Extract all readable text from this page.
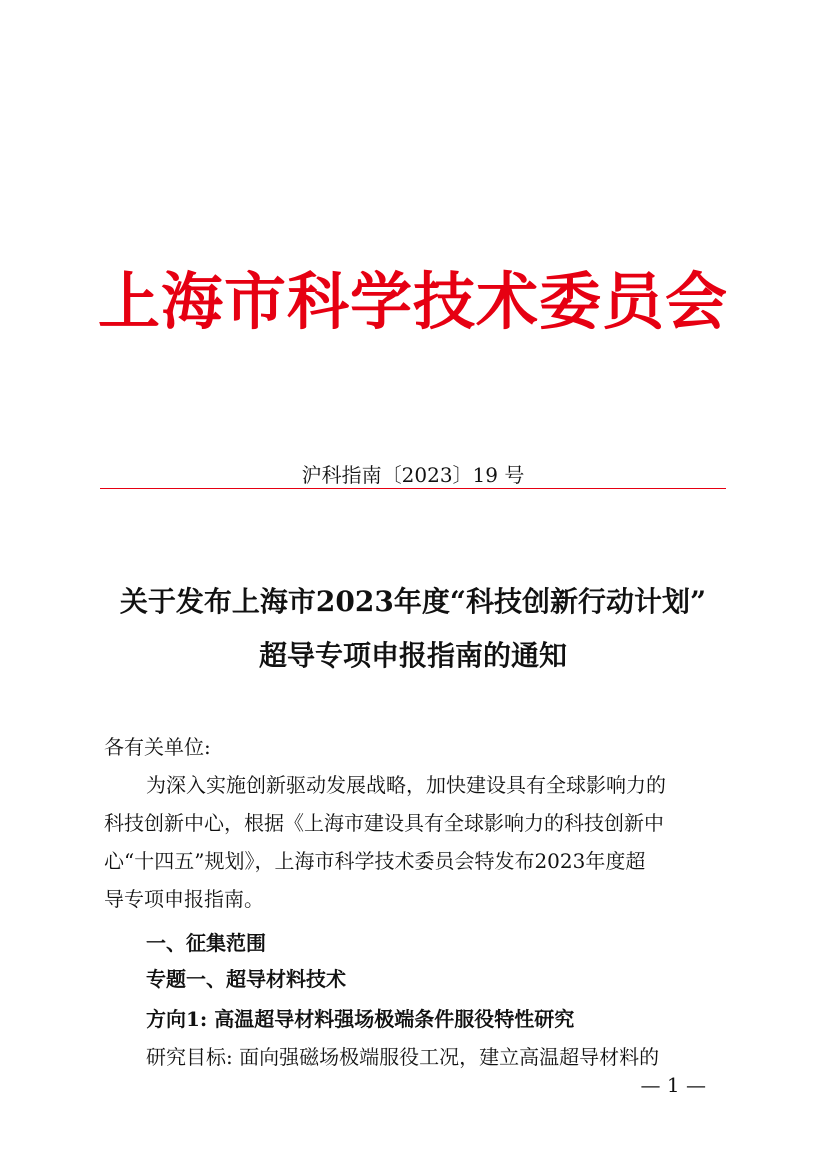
上海市科学技术委员会
沪科指南〔2023〕19 号
关于发布上海市2023年度“科技创新行动计划”
超导专项申报指南的通知
各有关单位:
为深入实施创新驱动发展战略，加快建设具有全球影响力的
科技创新中心，根据《上海市建设具有全球影响力的科技创新中
心“十四五”规划》，上海市科学技术委员会特发布2023年度超
导专项申报指南。
一、征集范围
专题一、超导材料技术
方向1: 高温超导材料强场极端条件服役特性研究
研究目标: 面向强磁场极端服役工况，建立高温超导材料的
— 1 —
